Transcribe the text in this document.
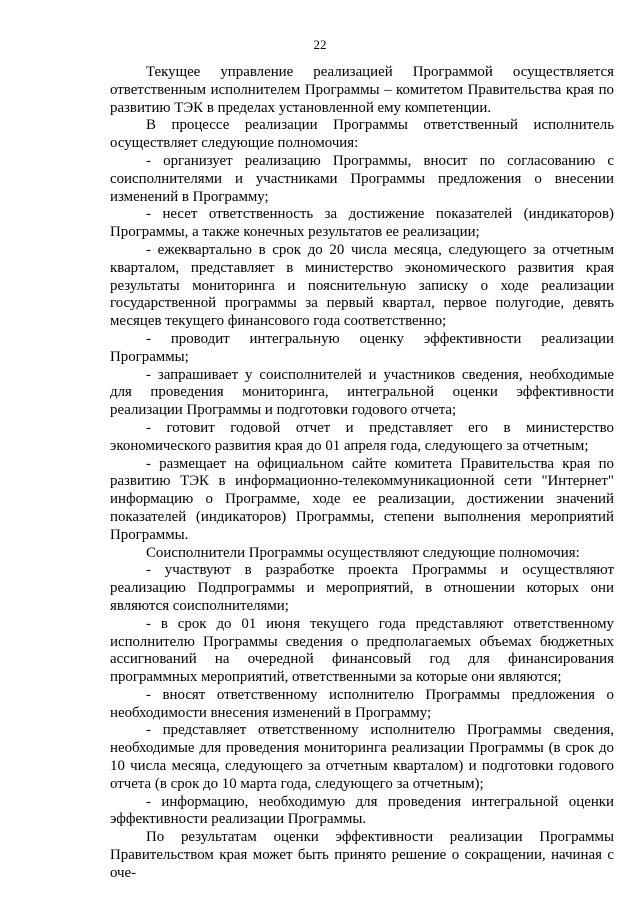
22

Текущее управление реализацией Программой осуществляется ответственным исполнителем Программы – комитетом Правительства края по развитию ТЭК в пределах установленной ему компетенции.

В процессе реализации Программы ответственный исполнитель осуществляет следующие полномочия:

- организует реализацию Программы, вносит по согласованию с соисполнителями и участниками Программы предложения о внесении изменений в Программу;

- несет ответственность за достижение показателей (индикаторов) Программы, а также конечных результатов ее реализации;

- ежеквартально в срок до 20 числа месяца, следующего за отчетным кварталом, представляет в министерство экономического развития края результаты мониторинга и пояснительную записку о ходе реализации государственной программы за первый квартал, первое полугодие, девять месяцев текущего финансового года соответственно;

- проводит интегральную оценку эффективности реализации Программы;

- запрашивает у соисполнителей и участников сведения, необходимые для проведения мониторинга, интегральной оценки эффективности реализации Программы и подготовки годового отчета;

- готовит годовой отчет и представляет его в министерство экономического развития края до 01 апреля года, следующего за отчетным;

- размещает на официальном сайте комитета Правительства края по развитию ТЭК в информационно-телекоммуникационной сети "Интернет" информацию о Программе, ходе ее реализации, достижении значений показателей (индикаторов) Программы, степени выполнения мероприятий Программы.

Соисполнители Программы осуществляют следующие полномочия:

- участвуют в разработке проекта Программы и осуществляют реализацию Подпрограммы и мероприятий, в отношении которых они являются соисполнителями;

- в срок до 01 июня текущего года представляют ответственному исполнителю Программы сведения о предполагаемых объемах бюджетных ассигнований на очередной финансовый год для финансирования программных мероприятий, ответственными за которые они являются;

- вносят ответственному исполнителю Программы предложения о необходимости внесения изменений в Программу;

- представляет ответственному исполнителю Программы сведения, необходимые для проведения мониторинга реализации Программы (в срок до 10 числа месяца, следующего за отчетным кварталом) и подготовки годового отчета (в срок до 10 марта года, следующего за отчетным);

- информацию, необходимую для проведения интегральной оценки эффективности реализации Программы.

По результатам оценки эффективности реализации Программы Правительством края может быть принято решение о сокращении, начиная с оче-
